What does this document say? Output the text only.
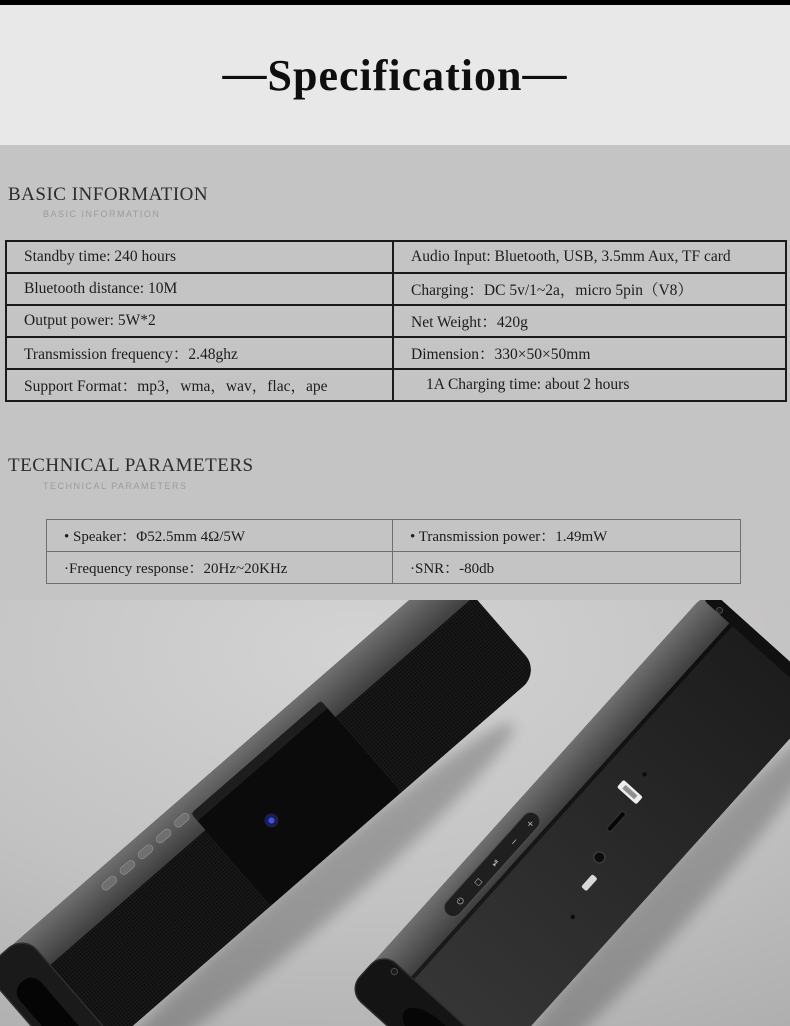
— Specification —
BASIC INFORMATION
BASIC INFORMATION
Standby time: 240 hours	Audio Input: Bluetooth, USB, 3.5mm Aux, TF card
Bluetooth distance: 10M	Charging：DC 5v/1~2a，micro 5pin（V8）
Output power: 5W*2	Net Weight：420g
Transmission frequency：2.48ghz	Dimension：330×50×50mm
Support Format：mp3，wma，wav，flac，ape	1A Charging time: about 2 hours
TECHNICAL PARAMETERS
TECHNICAL PARAMETERS
• Speaker：Φ52.5mm 4Ω/5W	• Transmission power：1.49mW
·Frequency response：20Hz~20KHz	·SNR：-80db
⏻
◻
⏯
−
+
